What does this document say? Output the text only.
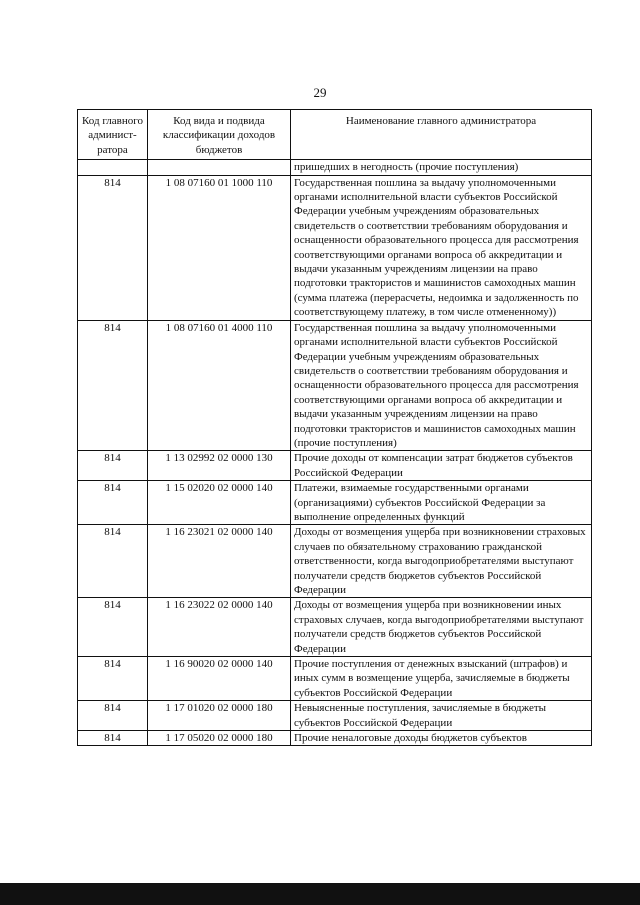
29
Код главного админист-ратора	Код вида и подвида классификации доходов бюджетов	Наименование главного администратора
		пришедших в негодность (прочие поступления)
814	1 08 07160 01 1000 110	Государственная пошлина за выдачу уполномоченными органами исполнительной власти субъектов Российской Федерации учебным учреждениям образовательных свидетельств о соответствии требованиям оборудования и оснащенности образовательного процесса для рассмотрения соответствующими органами вопроса об аккредитации и выдачи указанным учреждениям лицензии на право подготовки трактористов и машинистов самоходных машин (сумма платежа (перерасчеты, недоимка и задолженность по соответствующему платежу, в том числе отмененному))
814	1 08 07160 01 4000 110	Государственная пошлина за выдачу уполномоченными органами исполнительной власти субъектов Российской Федерации учебным учреждениям образовательных свидетельств о соответствии требованиям оборудования и оснащенности образовательного процесса для рассмотрения соответствующими органами вопроса об аккредитации и выдачи указанным учреждениям лицензии на право подготовки трактористов и машинистов самоходных машин (прочие поступления)
814	1 13 02992 02 0000 130	Прочие доходы от компенсации затрат бюджетов субъектов Российской Федерации
814	1 15 02020 02 0000 140	Платежи, взимаемые государственными органами (организациями) субъектов Российской Федерации за выполнение определенных функций
814	1 16 23021 02 0000 140	Доходы от возмещения ущерба при возникновении страховых случаев по обязательному страхованию гражданской ответственности, когда выгодоприобретателями выступают получатели средств бюджетов субъектов Российской Федерации
814	1 16 23022 02 0000 140	Доходы от возмещения ущерба при возникновении иных страховых случаев, когда выгодоприобретателями выступают получатели средств бюджетов субъектов Российской Федерации
814	1 16 90020 02 0000 140	Прочие поступления от денежных взысканий (штрафов) и иных сумм в возмещение ущерба, зачисляемые в бюджеты субъектов Российской Федерации
814	1 17 01020 02 0000 180	Невыясненные поступления, зачисляемые в бюджеты субъектов Российской Федерации
814	1 17 05020 02 0000 180	Прочие неналоговые доходы бюджетов субъектов
